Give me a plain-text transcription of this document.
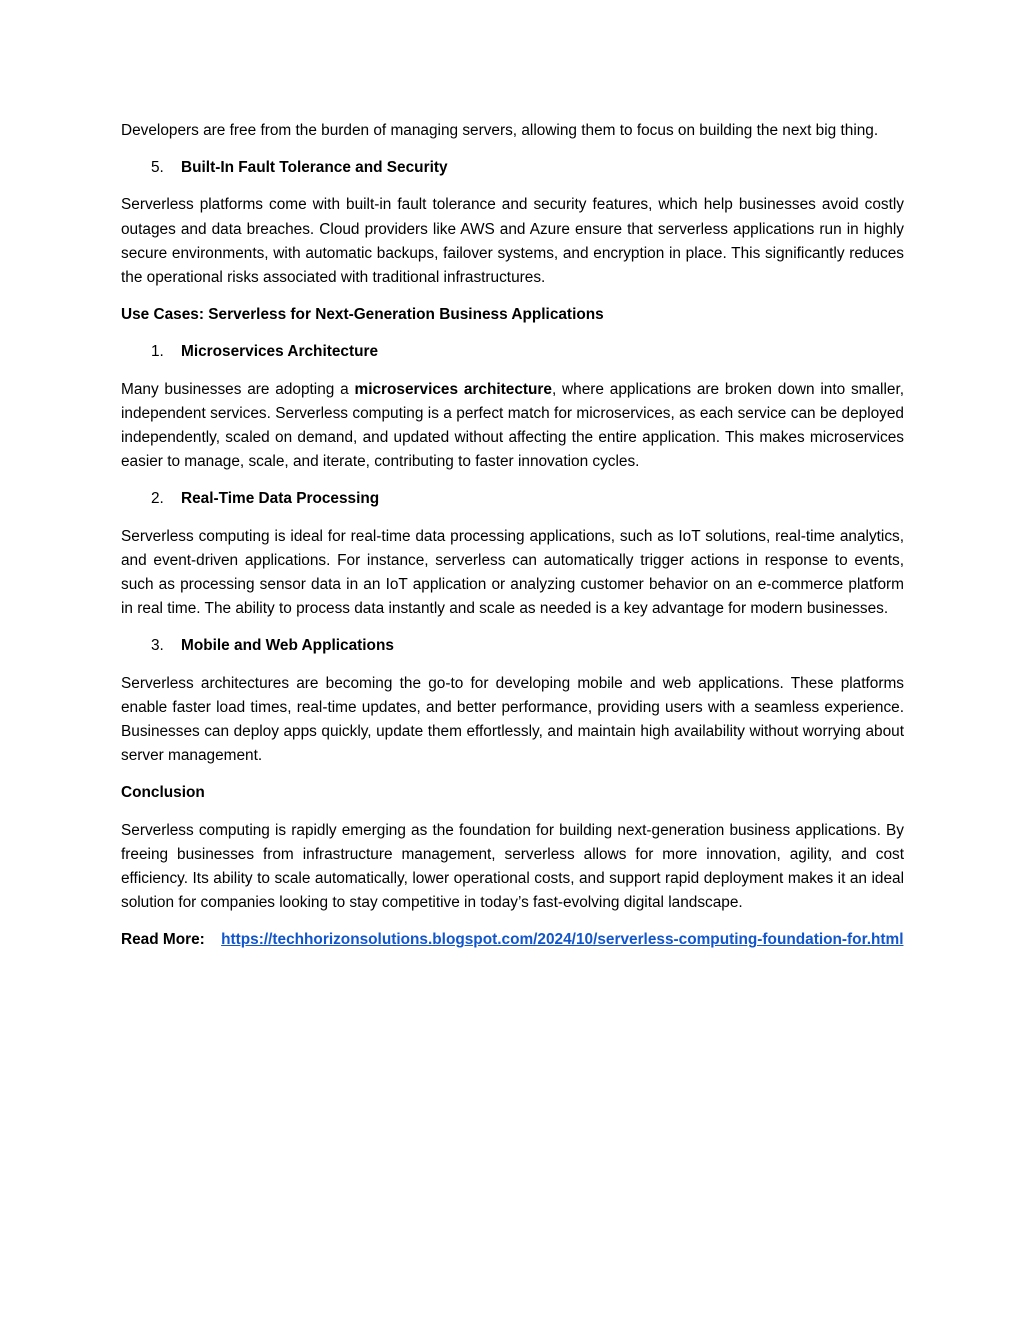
Developers are free from the burden of managing servers, allowing them to focus on building the next big thing.

5.	Built-In Fault Tolerance and Security

Serverless platforms come with built-in fault tolerance and security features, which help businesses avoid costly outages and data breaches. Cloud providers like AWS and Azure ensure that serverless applications run in highly secure environments, with automatic backups, failover systems, and encryption in place. This significantly reduces the operational risks associated with traditional infrastructures.

Use Cases: Serverless for Next-Generation Business Applications

1.	Microservices Architecture

Many businesses are adopting a microservices architecture, where applications are broken down into smaller, independent services. Serverless computing is a perfect match for microservices, as each service can be deployed independently, scaled on demand, and updated without affecting the entire application. This makes microservices easier to manage, scale, and iterate, contributing to faster innovation cycles.

2.	Real-Time Data Processing

Serverless computing is ideal for real-time data processing applications, such as IoT solutions, real-time analytics, and event-driven applications. For instance, serverless can automatically trigger actions in response to events, such as processing sensor data in an IoT application or analyzing customer behavior on an e-commerce platform in real time. The ability to process data instantly and scale as needed is a key advantage for modern businesses.

3.	Mobile and Web Applications

Serverless architectures are becoming the go-to for developing mobile and web applications. These platforms enable faster load times, real-time updates, and better performance, providing users with a seamless experience. Businesses can deploy apps quickly, update them effortlessly, and maintain high availability without worrying about server management.

Conclusion

Serverless computing is rapidly emerging as the foundation for building next-generation business applications. By freeing businesses from infrastructure management, serverless allows for more innovation, agility, and cost efficiency. Its ability to scale automatically, lower operational costs, and support rapid deployment makes it an ideal solution for companies looking to stay competitive in today’s fast-evolving digital landscape.

Read More: https://techhorizonsolutions.blogspot.com/2024/10/serverless-computing-foundation-for.html
